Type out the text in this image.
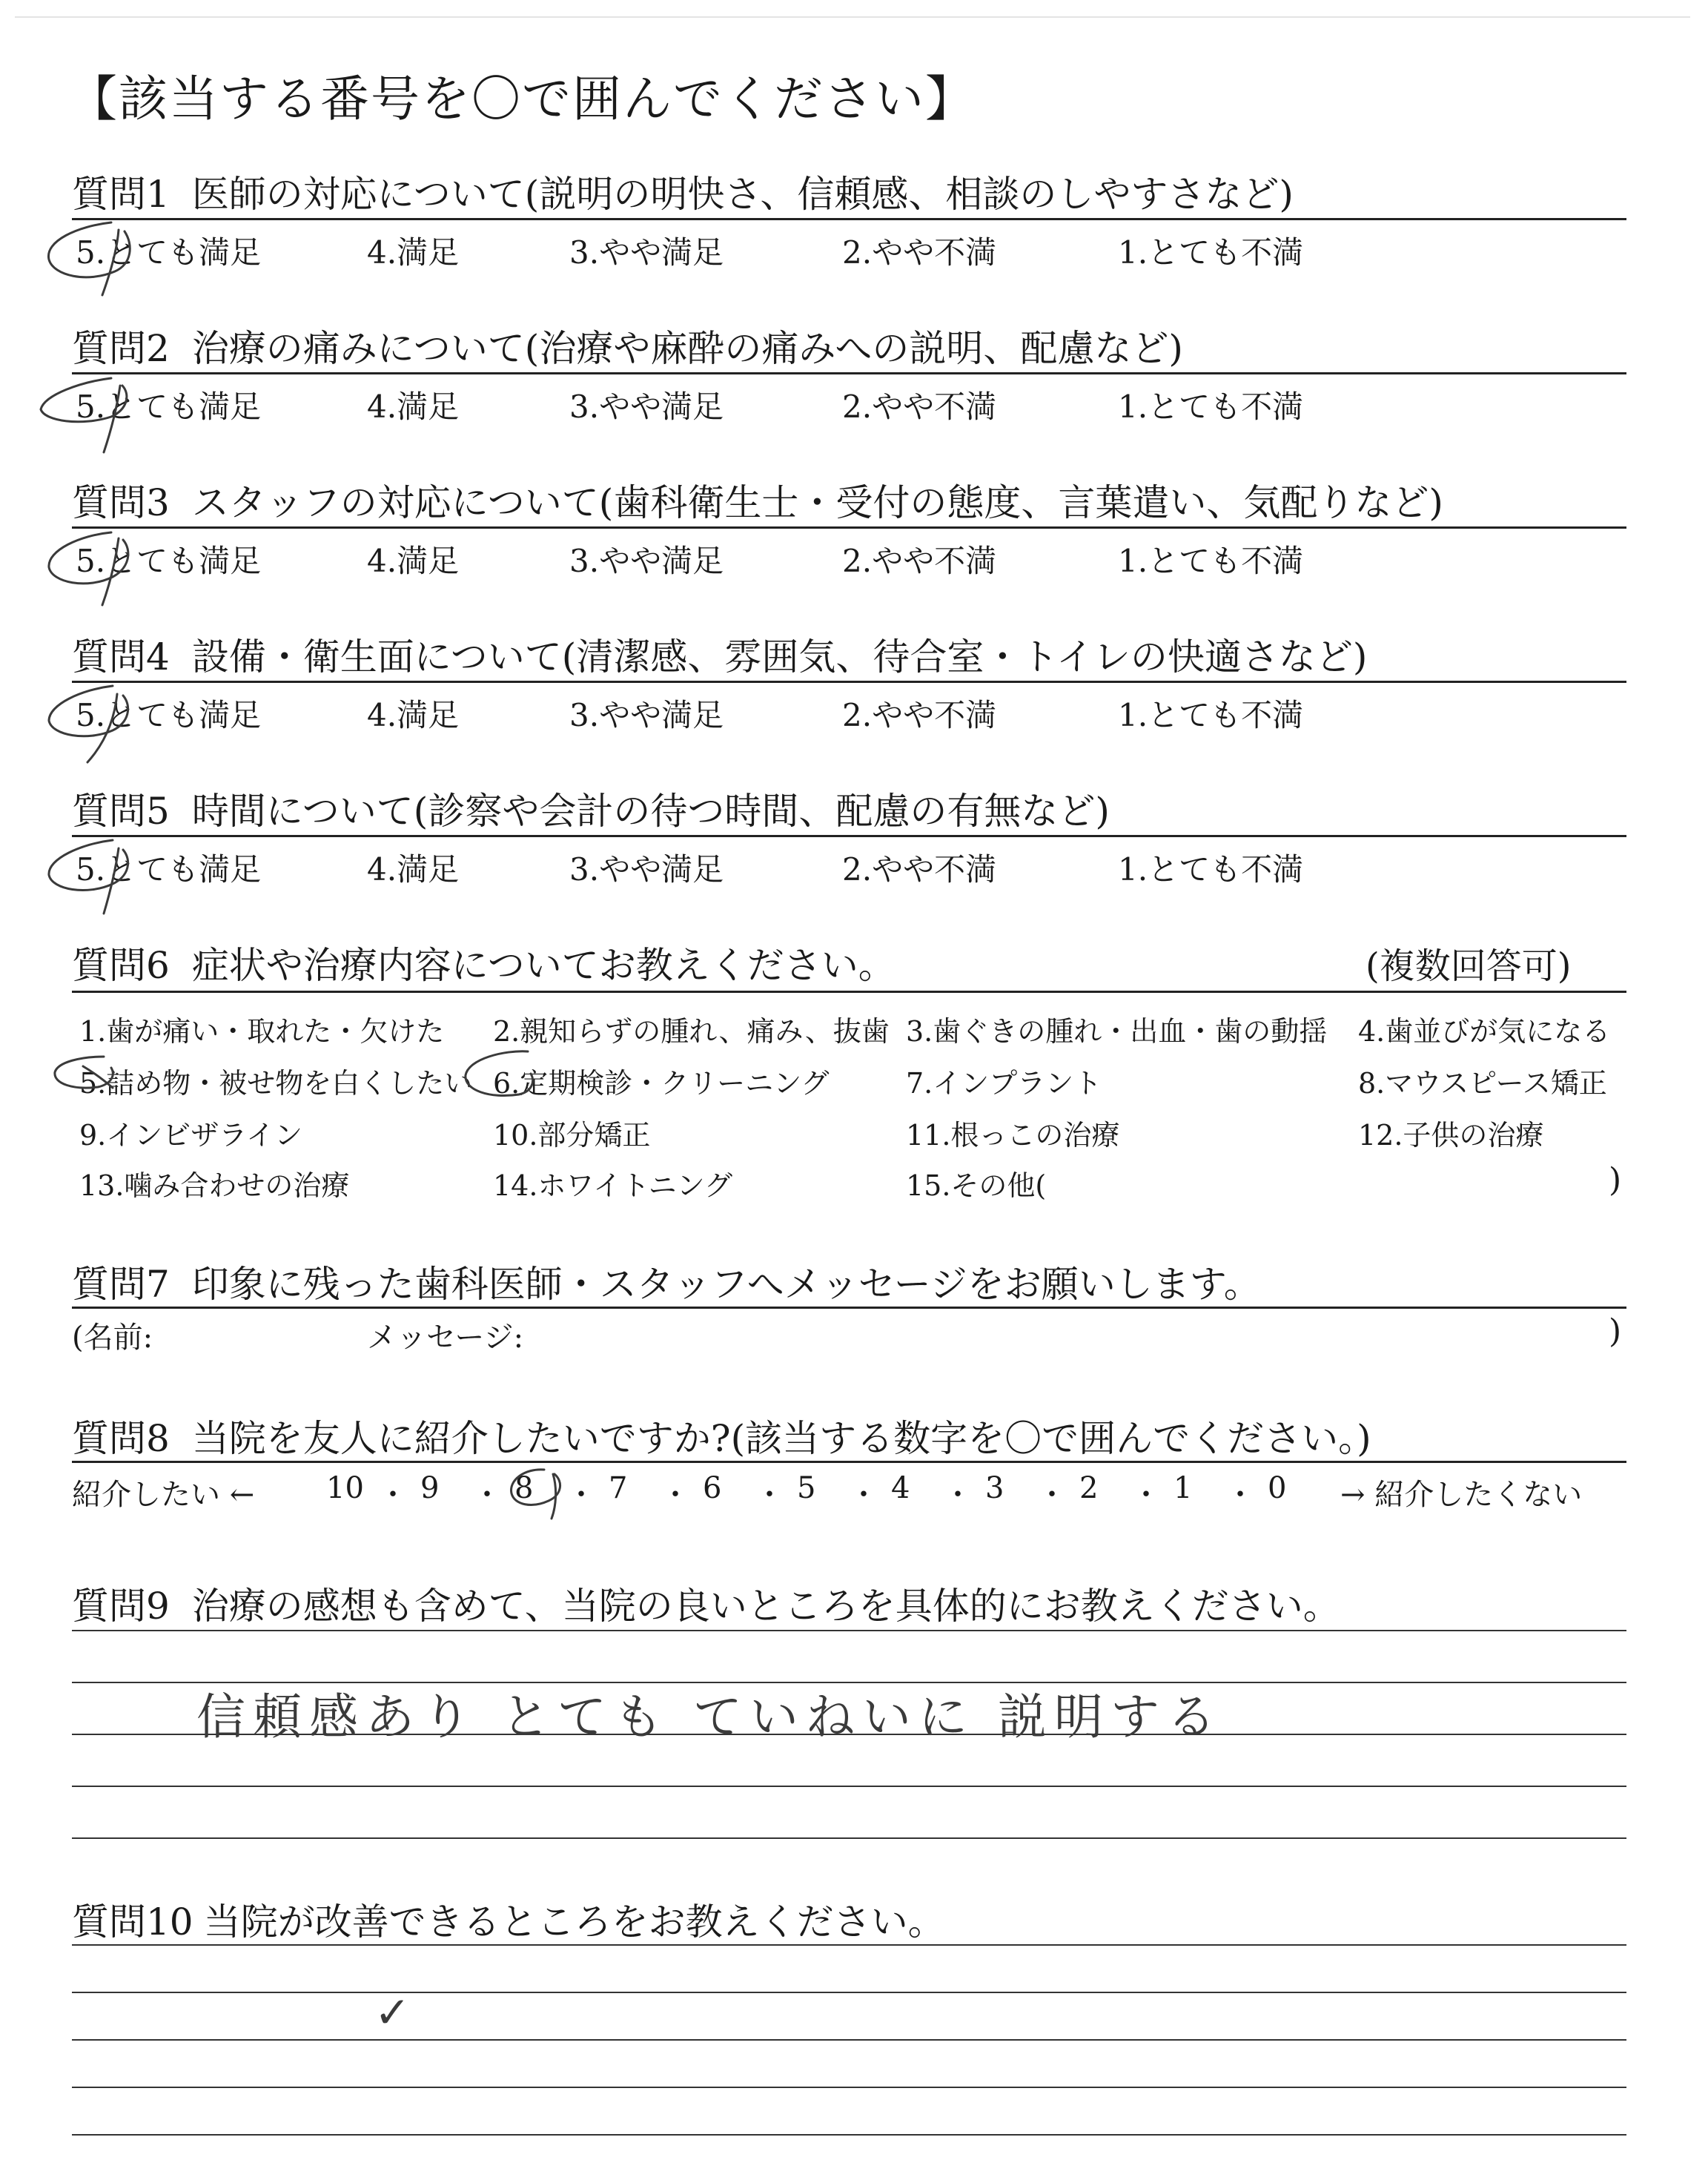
【該当する番号を〇で囲んでください】
質問1 医師の対応について(説明の明快さ、信頼感、相談のしやすさなど)
5.とても満足	4.満足	3.やや満足	2.やや不満	1.とても不満
質問2 治療の痛みについて(治療や麻酔の痛みへの説明、配慮など)
5.とても満足	4.満足	3.やや満足	2.やや不満	1.とても不満
質問3 スタッフの対応について(歯科衛生士・受付の態度、言葉遣い、気配りなど)
5.とても満足	4.満足	3.やや満足	2.やや不満	1.とても不満
質問4 設備・衛生面について(清潔感、雰囲気、待合室・トイレの快適さなど)
5.とても満足	4.満足	3.やや満足	2.やや不満	1.とても不満
質問5 時間について(診察や会計の待つ時間、配慮の有無など)
5.とても満足	4.満足	3.やや満足	2.やや不満	1.とても不満
質問6 症状や治療内容についてお教えください。	(複数回答可)
1.歯が痛い・取れた・欠けた 2.親知らずの腫れ、痛み、抜歯 3.歯ぐきの腫れ・出血・歯の動揺 4.歯並びが気になる
5.詰め物・被せ物を白くしたい 6.定期検診・クリーニング	7.インプラント	8.マウスピース矯正
9.インビザライン	10.部分矯正	11.根っこの治療	12.子供の治療
13.噛み合わせの治療	14.ホワイトニング	15.その他(	)
質問7 印象に残った歯科医師・スタッフへメッセージをお願いします。
(名前:	メッセージ:	)
質問8 当院を友人に紹介したいですか?(該当する数字を〇で囲んでください。)
紹介したい ←	→ 紹介したくない
10 ・ 9 ・ 8 ・ 7 ・ 6 ・ 5 ・ 4 ・ 3 ・ 2 ・ 1 ・ 0
質問9 治療の感想も含めて、当院の良いところを具体的にお教えください。
信頼感あり とても ていねいに 説明する
質問10 当院が改善できるところをお教えください。
✓
